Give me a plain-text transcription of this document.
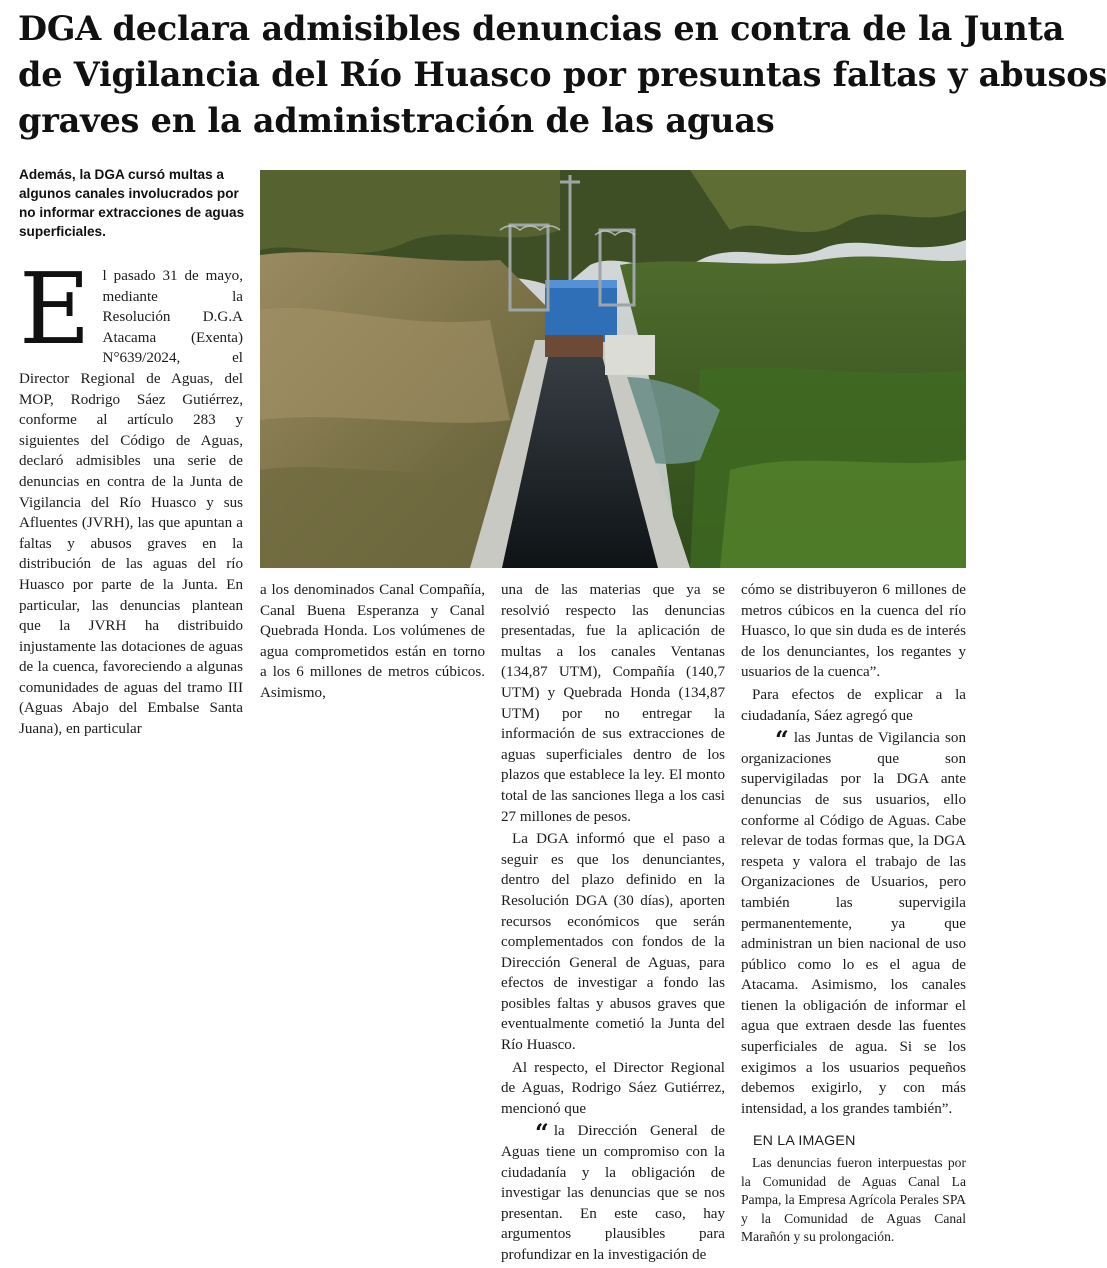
DGA declara admisibles denuncias en contra de la Junta
de Vigilancia del Río Huasco por presuntas faltas y abusos
graves en la administración de las aguas
Además, la DGA cursó multas a algunos canales involucrados por no informar extracciones de aguas superficiales.

El pasado 31 de mayo, mediante la Resolución D.G.A Atacama (Exenta) N°639/2024, el Director Regional de Aguas, del MOP, Rodrigo Sáez Gutiérrez, conforme al artículo 283 y siguientes del Código de Aguas, declaró admisibles una serie de denuncias en contra de la Junta de Vigilancia del Río Huasco y sus Afluentes (JVRH), las que apuntan a faltas y abusos graves en la distribución de las aguas del río Huasco por parte de la Junta. En particular, las denuncias plantean que la JVRH ha distribuido injustamente las dotaciones de aguas de la cuenca, favoreciendo a algunas comunidades de aguas del tramo III (Aguas Abajo del Embalse Santa Juana), en particular

a los denominados Canal Compañía, Canal Buena Esperanza y Canal Quebrada Honda. Los volúmenes de agua comprometidos están en torno a los 6 millones de metros cúbicos. Asimismo,

una de las materias que ya se resolvió respecto las denuncias presentadas, fue la aplicación de multas a los canales Ventanas (134,87 UTM), Compañía (140,7 UTM) y Quebrada Honda (134,87 UTM) por no entregar la información de sus extracciones de aguas superficiales dentro de los plazos que establece la ley. El monto total de las sanciones llega a los casi 27 millones de pesos.

La DGA informó que el paso a seguir es que los denunciantes, dentro del plazo definido en la Resolución DGA (30 días), aporten recursos económicos que serán complementados con fondos de la Dirección General de Aguas, para efectos de investigar a fondo las posibles faltas y abusos graves que eventualmente cometió la Junta del Río Huasco.

Al respecto, el Director Regional de Aguas, Rodrigo Sáez Gutiérrez, mencionó que

“ la Dirección General de Aguas tiene un compromiso con la ciudadanía y la obligación de investigar las denuncias que se nos presentan. En este caso, hay argumentos plausibles para profundizar en la investigación de

cómo se distribuyeron 6 millones de metros cúbicos en la cuenca del río Huasco, lo que sin duda es de interés de los denunciantes, los regantes y usuarios de la cuenca”.

Para efectos de explicar a la ciudadanía, Sáez agregó que

“ las Juntas de Vigilancia son organizaciones que son supervigiladas por la DGA ante denuncias de sus usuarios, ello conforme al Código de Aguas. Cabe relevar de todas formas que, la DGA respeta y valora el trabajo de las Organizaciones de Usuarios, pero también las supervigila permanentemente, ya que administran un bien nacional de uso público como lo es el agua de Atacama. Asimismo, los canales tienen la obligación de informar el agua que extraen desde las fuentes superficiales de agua. Si se los exigimos a los usuarios pequeños debemos exigirlo, y con más intensidad, a los grandes también”.

EN LA IMAGEN

Las denuncias fueron interpuestas por la Comunidad de Aguas Canal La Pampa, la Empresa Agrícola Perales SPA y la Comunidad de Aguas Canal Marañón y su prolongación.
